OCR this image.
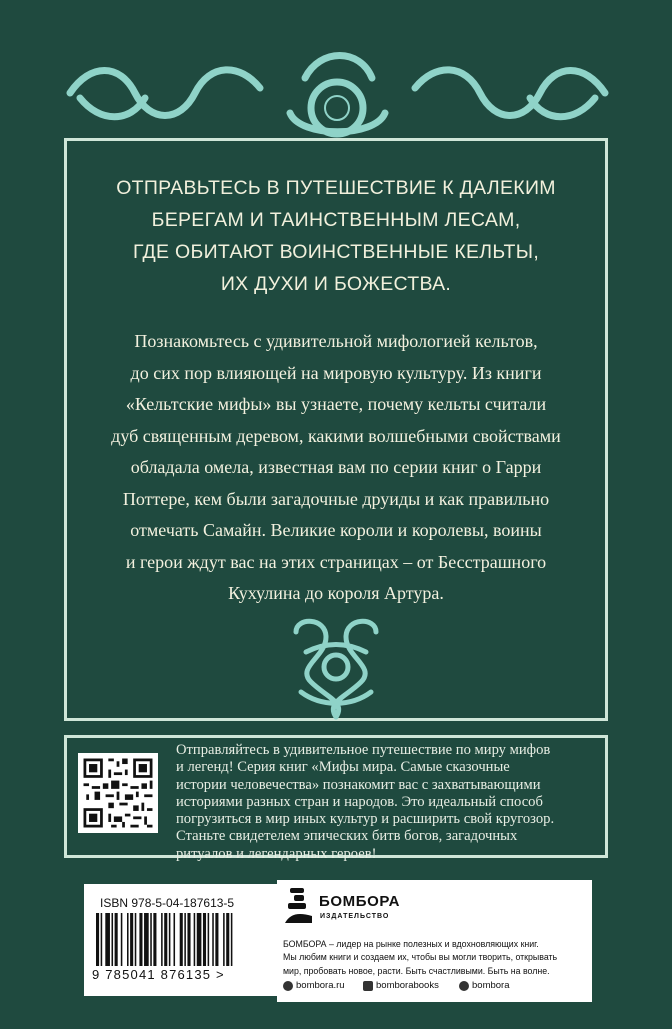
ОТПРАВЬТЕСЬ В ПУТЕШЕСТВИЕ К ДАЛЕКИМ
БЕРЕГАМ И ТАИНСТВЕННЫМ ЛЕСАМ,
ГДЕ ОБИТАЮТ ВОИНСТВЕННЫЕ КЕЛЬТЫ,
ИХ ДУХИ И БОЖЕСТВА.
Познакомьтесь с удивительной мифологией кельтов,
до сих пор влияющей на мировую культуру. Из книги
«Кельтские мифы» вы узнаете, почему кельты считали
дуб священным деревом, какими волшебными свойствами
обладала омела, известная вам по серии книг о Гарри
Поттере, кем были загадочные друиды и как правильно
отмечать Самайн. Великие короли и королевы, воины
и герои ждут вас на этих страницах – от Бесстрашного
Кухулина до короля Артура.
Отправляйтесь в удивительное путешествие по миру мифов
и легенд! Серия книг «Мифы мира. Самые сказочные
истории человечества» познакомит вас с захватывающими
историями разных стран и народов. Это идеальный способ
погрузиться в мир иных культур и расширить свой кругозор.
Станьте свидетелем эпических битв богов, загадочных
ритуалов и легендарных героев!
ISBN 978-5-04-187613-5
9 785041 876135 >
БОМБОРА
ИЗДАТЕЛЬСТВО
БОМБОРА – лидер на рынке полезных и вдохновляющих книг.
Мы любим книги и создаем их, чтобы вы могли творить, открывать
мир, пробовать новое, расти. Быть счастливыми. Быть на волне.
bombora.ru	bomborabooks	bombora
